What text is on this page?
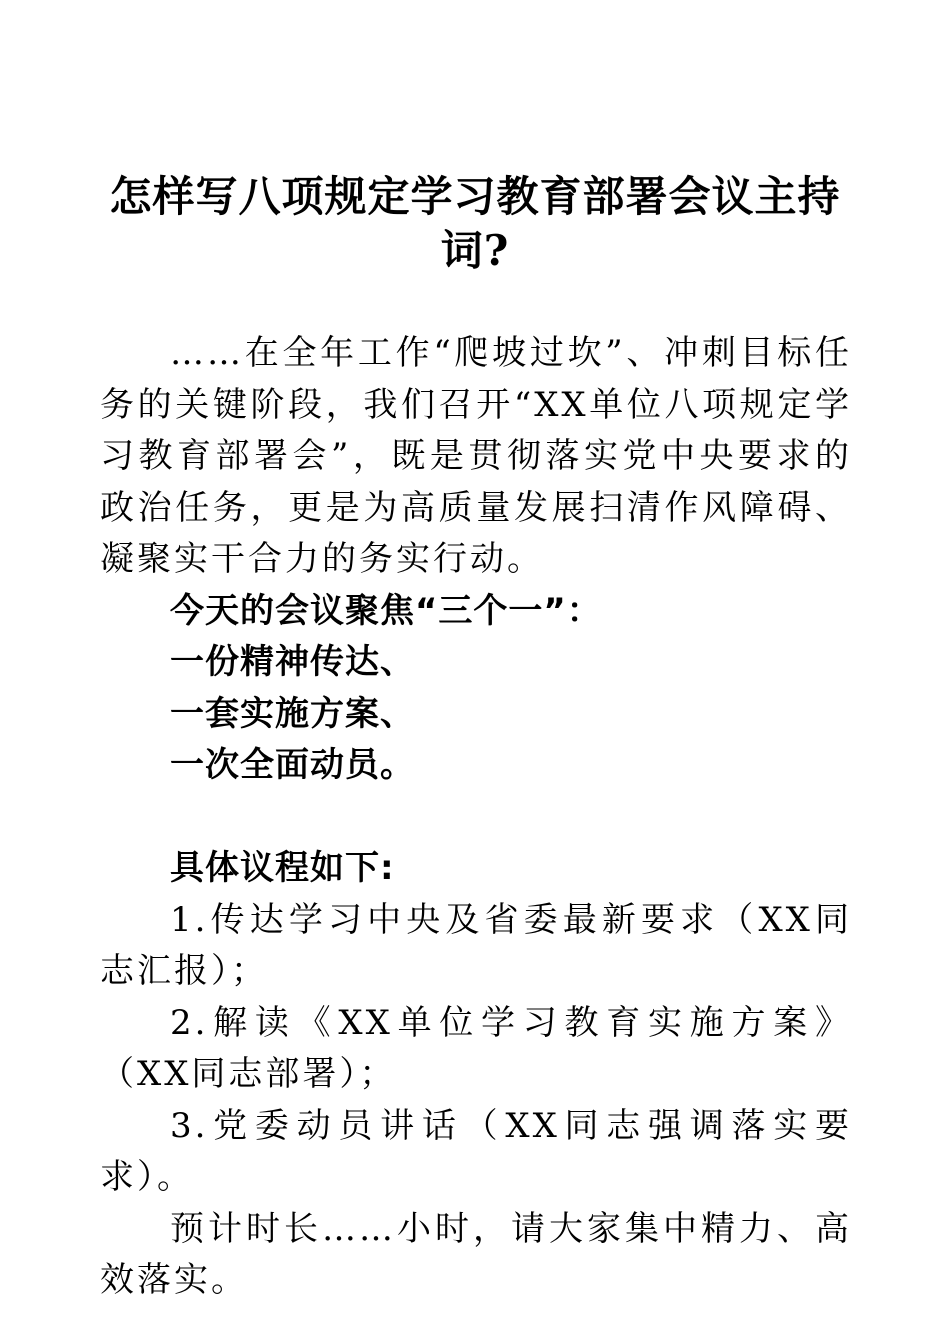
怎样写八项规定学习教育部署会议主持词?

……在全年工作“爬坡过坎”、冲刺目标任务的关键阶段，我们召开“XX单位八项规定学习教育部署会”，既是贯彻落实党中央要求的政治任务，更是为高质量发展扫清作风障碍、凝聚实干合力的务实行动。

今天的会议聚焦“三个一”：

一份精神传达、

一套实施方案、

一次全面动员。

具体议程如下:

1.传达学习中央及省委最新要求（XX同志汇报）；

2.解读《XX单位学习教育实施方案》（XX同志部署）；

3.党委动员讲话（XX同志强调落实要求）。

预计时长……小时，请大家集中精力、高效落实。
